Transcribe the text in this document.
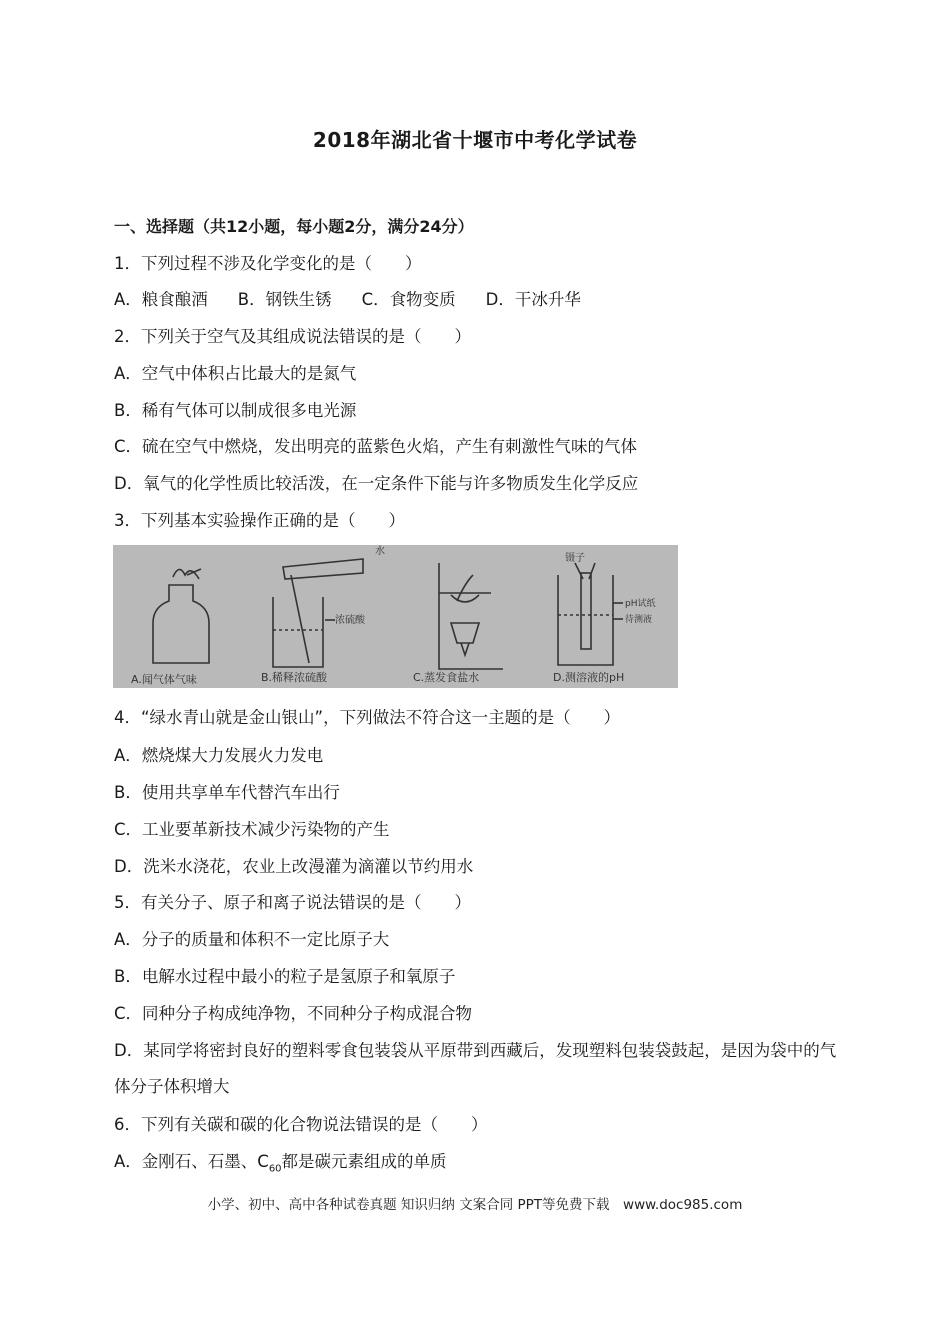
2018年湖北省十堰市中考化学试卷
一、选择题（共12小题，每小题2分，满分24分）
1．下列过程不涉及化学变化的是（　　）
A．粮食酿酒 B．钢铁生锈 C．食物变质 D．干冰升华
2．下列关于空气及其组成说法错误的是（　　）
A．空气中体积占比最大的是氮气
B．稀有气体可以制成很多电光源
C．硫在空气中燃烧，发出明亮的蓝紫色火焰，产生有刺激性气味的气体
D．氧气的化学性质比较活泼，在一定条件下能与许多物质发生化学反应
3．下列基本实验操作正确的是（　　）
水
浓硫酸
镊子
pH试纸
待测液
A.闻气体气味	B.稀释浓硫酸	C.蒸发食盐水	D.测溶液的pH
4．“绿水青山就是金山银山”，下列做法不符合这一主题的是（　　）
A．燃烧煤大力发展火力发电
B．使用共享单车代替汽车出行
C．工业要革新技术减少污染物的产生
D．洗米水浇花，农业上改漫灌为滴灌以节约用水
5．有关分子、原子和离子说法错误的是（　　）
A．分子的质量和体积不一定比原子大
B．电解水过程中最小的粒子是氢原子和氧原子
C．同种分子构成纯净物，不同种分子构成混合物
D．某同学将密封良好的塑料零食包装袋从平原带到西藏后，发现塑料包装袋鼓起，是因为袋中的气体分子体积增大
6．下列有关碳和碳的化合物说法错误的是（　　）
A．金刚石、石墨、$C_{60}$都是碳元素组成的单质
小学、初中、高中各种试卷真题 知识归纳 文案合同 PPT等免费下载　www.doc985.com
